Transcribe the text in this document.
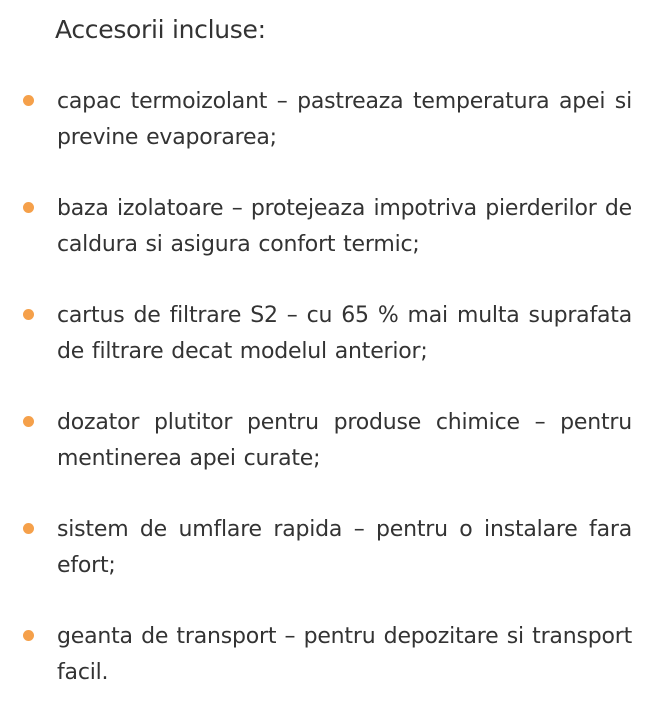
Accesorii incluse:
capac termoizolant – pastreaza temperatura apei si previne evaporarea;
baza izolatoare – protejeaza impotriva pierderilor de caldura si asigura confort termic;
cartus de filtrare S2 – cu 65 % mai multa suprafata de filtrare decat modelul anterior;
dozator plutitor pentru produse chimice – pentru mentinerea apei curate;
sistem de umflare rapida – pentru o instalare fara efort;
geanta de transport – pentru depozitare si transport facil.
